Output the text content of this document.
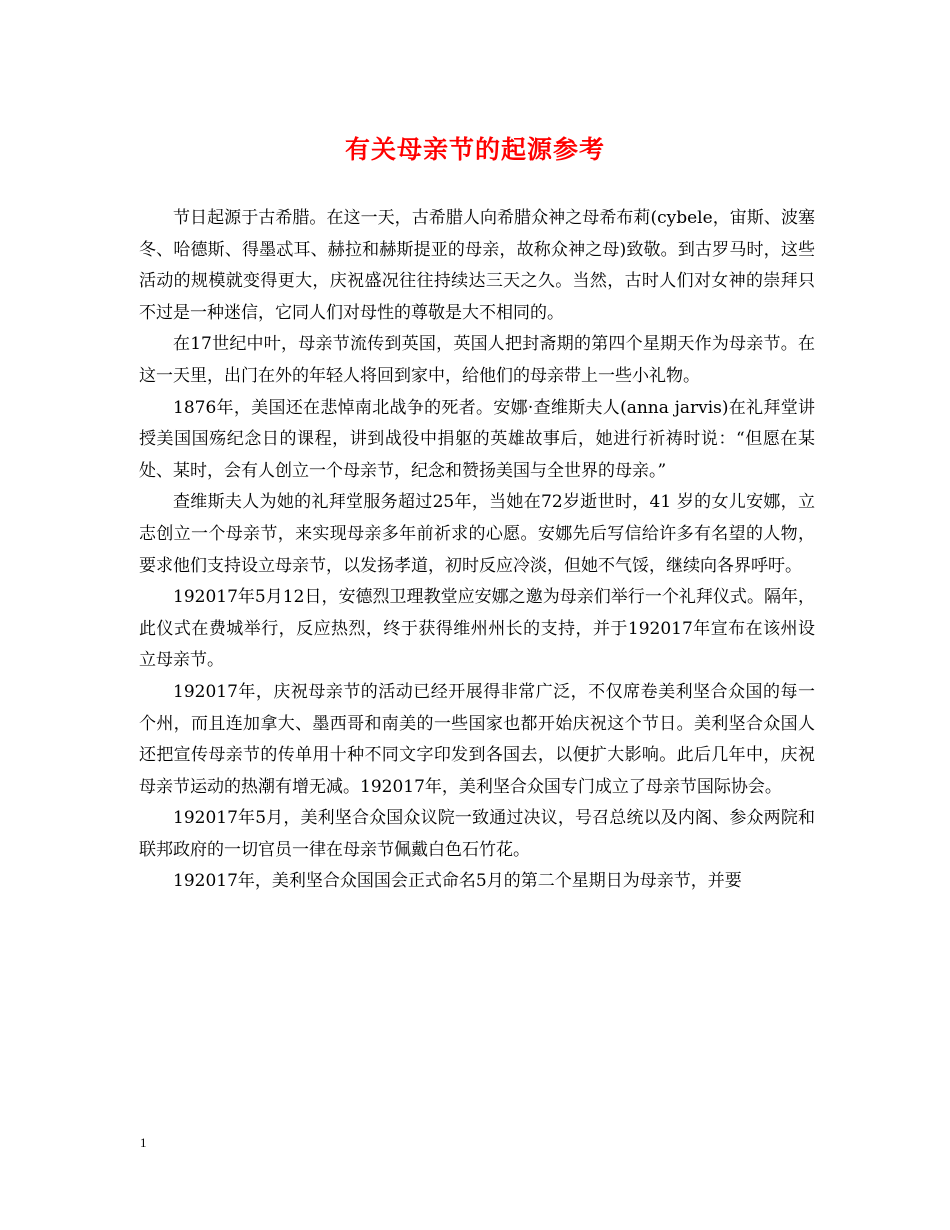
有关母亲节的起源参考

节日起源于古希腊。在这一天，古希腊人向希腊众神之母希布莉(cybele，宙斯、波塞冬、哈德斯、得墨忒耳、赫拉和赫斯提亚的母亲，故称众神之母)致敬。到古罗马时，这些活动的规模就变得更大，庆祝盛况往往持续达三天之久。当然，古时人们对女神的崇拜只不过是一种迷信，它同人们对母性的尊敬是大不相同的。

在17世纪中叶，母亲节流传到英国，英国人把封斋期的第四个星期天作为母亲节。在这一天里，出门在外的年轻人将回到家中，给他们的母亲带上一些小礼物。

1876年，美国还在悲悼南北战争的死者。安娜·查维斯夫人(anna jarvis)在礼拜堂讲授美国国殇纪念日的课程，讲到战役中捐躯的英雄故事后，她进行祈祷时说：“但愿在某处、某时，会有人创立一个母亲节，纪念和赞扬美国与全世界的母亲。”

查维斯夫人为她的礼拜堂服务超过25年，当她在72岁逝世时，41 岁的女儿安娜，立志创立一个母亲节，来实现母亲多年前祈求的心愿。安娜先后写信给许多有名望的人物，要求他们支持设立母亲节，以发扬孝道，初时反应冷淡，但她不气馁，继续向各界呼吁。

192017年5月12日，安德烈卫理教堂应安娜之邀为母亲们举行一个礼拜仪式。隔年，此仪式在费城举行，反应热烈，终于获得维州州长的支持，并于192017年宣布在该州设立母亲节。

192017年，庆祝母亲节的活动已经开展得非常广泛，不仅席卷美利坚合众国的每一个州，而且连加拿大、墨西哥和南美的一些国家也都开始庆祝这个节日。美利坚合众国人还把宣传母亲节的传单用十种不同文字印发到各国去，以便扩大影响。此后几年中，庆祝母亲节运动的热潮有增无减。192017年，美利坚合众国专门成立了母亲节国际协会。

192017年5月，美利坚合众国众议院一致通过决议，号召总统以及内阁、参众两院和联邦政府的一切官员一律在母亲节佩戴白色石竹花。

192017年，美利坚合众国国会正式命名5月的第二个星期日为母亲节，并要

1
